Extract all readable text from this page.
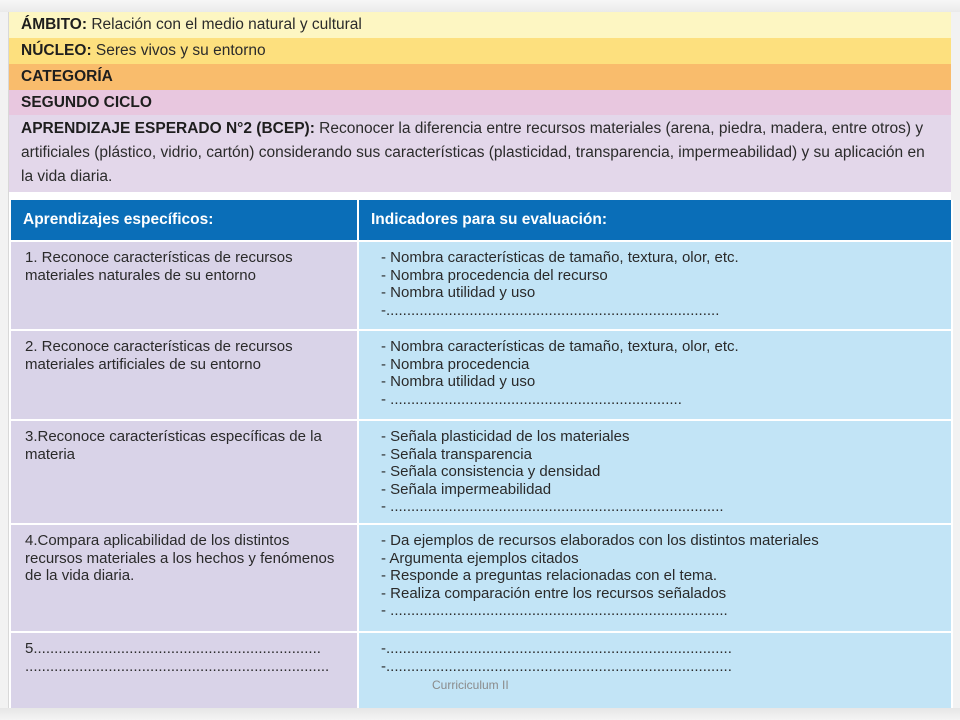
ÁMBITO: Relación con el medio natural y cultural
NÚCLEO: Seres vivos y su entorno
CATEGORÍA
SEGUNDO CICLO
APRENDIZAJE ESPERADO N°2 (BCEP): Reconocer la diferencia entre recursos materiales (arena, piedra, madera, entre otros) y artificiales (plástico, vidrio, cartón) considerando sus características (plasticidad, transparencia, impermeabilidad) y su aplicación en la vida diaria.
Aprendizajes específicos:	Indicadores para su evaluación:
1. Reconoce características de recursos materiales naturales de su entorno	- Nombra características de tamaño, textura, olor, etc.
- Nombra procedencia del recurso
- Nombra utilidad y uso
-................................................................................

2. Reconoce características de recursos materiales artificiales de su entorno	- Nombra características de tamaño, textura, olor, etc.
- Nombra procedencia
- Nombra utilidad y uso
- ......................................................................

3.Reconoce características específicas de la materia	- Señala plasticidad de los materiales
- Señala transparencia
- Señala consistencia y densidad
- Señala impermeabilidad
- ................................................................................

4.Compara aplicabilidad de los distintos recursos materiales a los hechos y fenómenos de la vida diaria.	- Da ejemplos de recursos elaborados con los distintos materiales
- Argumenta ejemplos citados
- Responde a preguntas relacionadas con el tema.
- Realiza comparación entre los recursos señalados
- .................................................................................

5.....................................................................
.........................................................................	-...................................................................................
-...................................................................................
Curriciculum II
